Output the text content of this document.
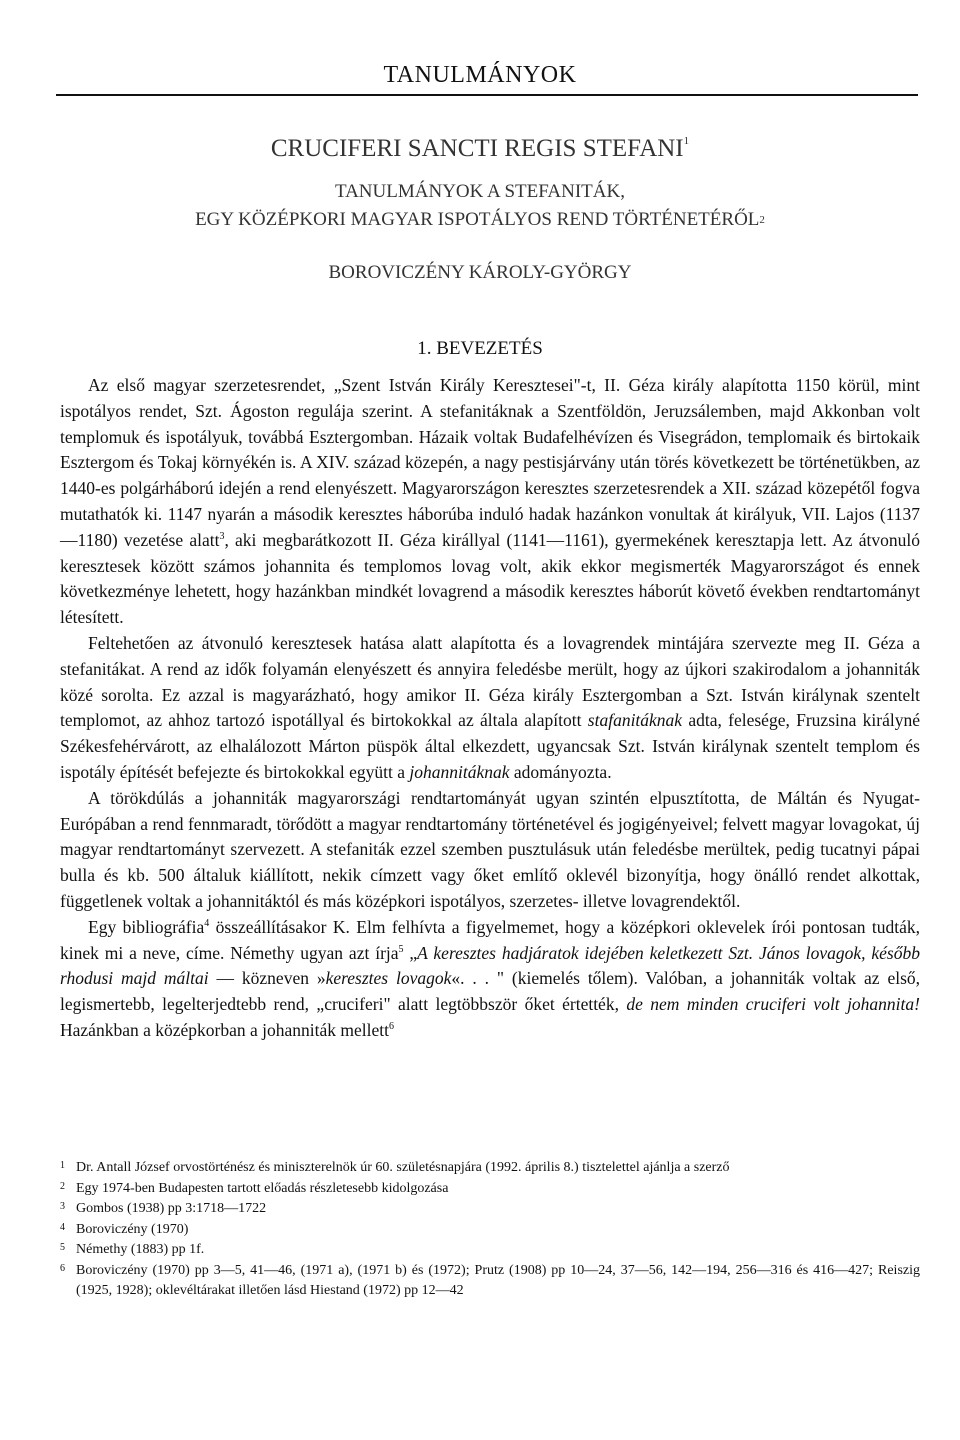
TANULMÁNYOK
CRUCIFERI SANCTI REGIS STEFANI$^1$
TANULMÁNYOK A STEFANITÁK,
EGY KÖZÉPKORI MAGYAR ISPOTÁLYOS REND TÖRTÉNETÉRŐL$^2$
BOROVICZÉNY KÁROLY-GYÖRGY
1. BEVEZETÉS

Az első magyar szerzetesrendet, „Szent István Király Keresztesei"-t, II. Géza király alapította 1150 körül, mint ispotályos rendet, Szt. Ágoston regulája szerint. A stefanitáknak a Szentföldön, Jeruzsálemben, majd Akkonban volt templomuk és ispotályuk, továbbá Esztergomban. Házaik voltak Budafelhévízen és Visegrádon, templomaik és birtokaik Esztergom és Tokaj környékén is. A XIV. század közepén, a nagy pestisjárvány után törés következett be történetükben, az 1440-es polgárháború idején a rend elenyészett. Magyarországon keresztes szerzetesrendek a XII. század közepétől fogva mutathatók ki. 1147 nyarán a második keresztes háborúba induló hadak hazánkon vonultak át királyuk, VII. Lajos (1137—1180) vezetése alatt$^3$, aki megbarátkozott II. Géza királlyal (1141—1161), gyermekének keresztapja lett. Az átvonuló keresztesek között számos johannita és templomos lovag volt, akik ekkor megismerték Magyarországot és ennek következménye lehetett, hogy hazánkban mindkét lovagrend a második keresztes háborút követő években rendtartományt létesített.

Feltehetően az átvonuló keresztesek hatása alatt alapította és a lovagrendek mintájára szervezte meg II. Géza a stefanitákat. A rend az idők folyamán elenyészett és annyira feledésbe merült, hogy az újkori szakirodalom a johanniták közé sorolta. Ez azzal is magyarázható, hogy amikor II. Géza király Esztergomban a Szt. István királynak szentelt templomot, az ahhoz tartozó ispotállyal és birtokokkal az általa alapított stafanitáknak adta, felesége, Fruzsina királyné Székesfehérvárott, az elhalálozott Márton püspök által elkezdett, ugyancsak Szt. István királynak szentelt templom és ispotály építését befejezte és birtokokkal együtt a johannitáknak adományozta.

A törökdúlás a johanniták magyarországi rendtartományát ugyan szintén elpusztította, de Máltán és Nyugat-Európában a rend fennmaradt, törődött a magyar rendtartomány történetével és jogigényeivel; felvett magyar lovagokat, új magyar rendtartományt szervezett. A stefaniták ezzel szemben pusztulásuk után feledésbe merültek, pedig tucatnyi pápai bulla és kb. 500 általuk kiállított, nekik címzett vagy őket említő oklevél bizonyítja, hogy önálló rendet alkottak, függetlenek voltak a johannitáktól és más középkori ispotályos, szerzetes- illetve lovagrendektől.

Egy bibliográfia$^4$ összeállításakor K. Elm felhívta a figyelmemet, hogy a középkori oklevelek írói pontosan tudták, kinek mi a neve, címe. Némethy ugyan azt írja$^5$ „A keresztes hadjáratok idejében keletkezett Szt. János lovagok, később rhodusi majd máltai — közneven »keresztes lovagok«. . . " (kiemelés tőlem). Valóban, a johanniták voltak az első, legismertebb, legelterjedtebb rend, „cruciferi" alatt legtöbbször őket értették, de nem minden cruciferi volt johannita! Hazánkban a középkorban a johanniták mellett$^6$

1 Dr. Antall József orvostörténész és miniszterelnök úr 60. születésnapjára (1992. április 8.) tisztelettel ajánlja a szerző
2 Egy 1974-ben Budapesten tartott előadás részletesebb kidolgozása
3 Gombos (1938) pp 3:1718—1722
4 Boroviczény (1970)
5 Némethy (1883) pp 1f.
6 Boroviczény (1970) pp 3—5, 41—46, (1971 a), (1971 b) és (1972); Prutz (1908) pp 10—24, 37—56, 142—194, 256—316 és 416—427; Reiszig (1925, 1928); oklevéltárakat illetően lásd Hiestand (1972) pp 12—42
